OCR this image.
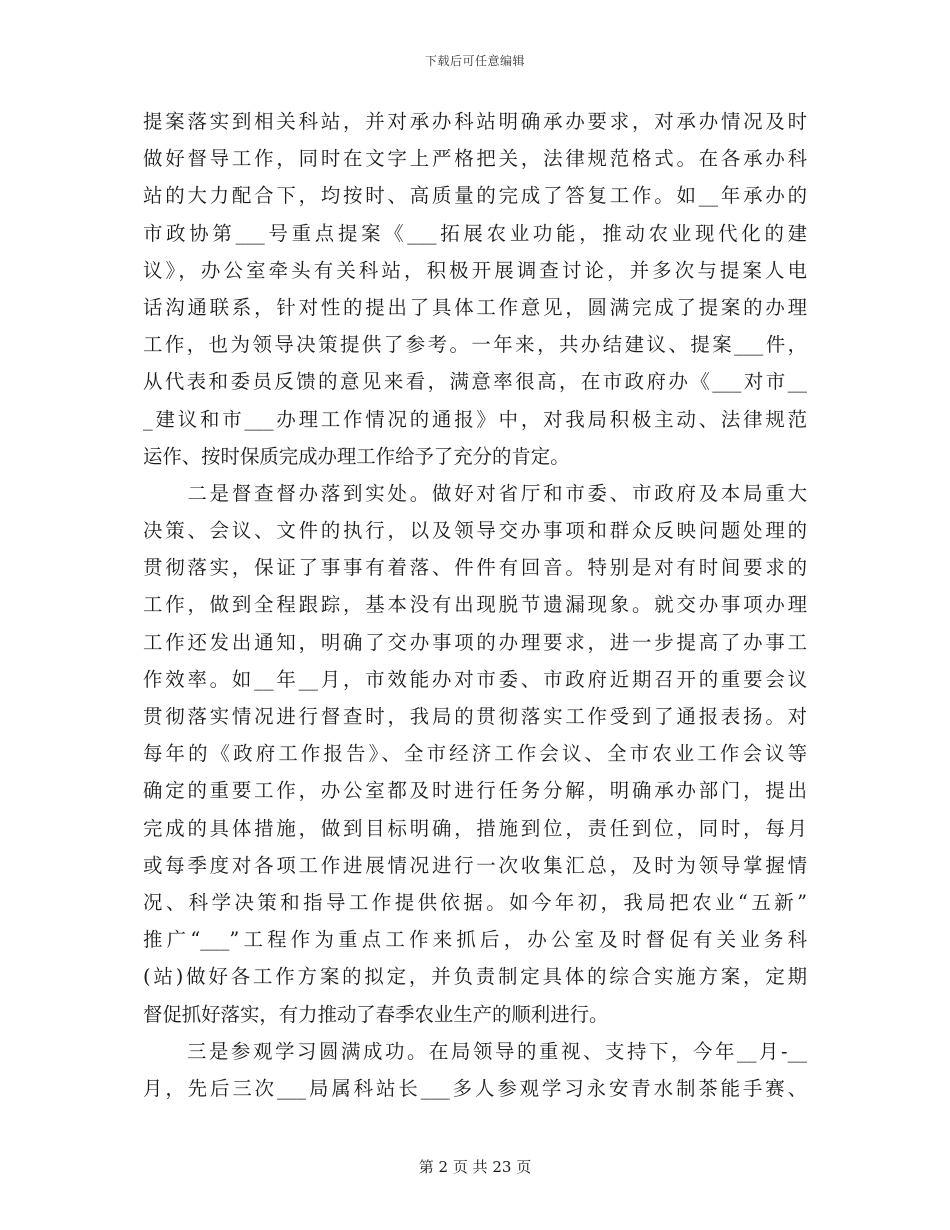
下载后可任意编辑
提案落实到相关科站，并对承办科站明确承办要求，对承办情况及时
做好督导工作，同时在文字上严格把关，法律规范格式。在各承办科
站的大力配合下，均按时、高质量的完成了答复工作。如__年承办的
市政协第___号重点提案《___拓展农业功能，推动农业现代化的建
议》，办公室牵头有关科站，积极开展调查讨论，并多次与提案人电
话沟通联系，针对性的提出了具体工作意见，圆满完成了提案的办理
工作，也为领导决策提供了参考。一年来，共办结建议、提案___件，
从代表和委员反馈的意见来看，满意率很高，在市政府办《___对市__
_建议和市___办理工作情况的通报》中，对我局积极主动、法律规范
运作、按时保质完成办理工作给予了充分的肯定。
　　二是督查督办落到实处。做好对省厅和市委、市政府及本局重大
决策、会议、文件的执行，以及领导交办事项和群众反映问题处理的
贯彻落实，保证了事事有着落、件件有回音。特别是对有时间要求的
工作，做到全程跟踪，基本没有出现脱节遗漏现象。就交办事项办理
工作还发出通知，明确了交办事项的办理要求，进一步提高了办事工
作效率。如__年__月，市效能办对市委、市政府近期召开的重要会议
贯彻落实情况进行督查时，我局的贯彻落实工作受到了通报表扬。对
每年的《政府工作报告》、全市经济工作会议、全市农业工作会议等
确定的重要工作，办公室都及时进行任务分解，明确承办部门，提出
完成的具体措施，做到目标明确，措施到位，责任到位，同时，每月
或每季度对各项工作进展情况进行一次收集汇总，及时为领导掌握情
况、科学决策和指导工作提供依据。如今年初，我局把农业“五新”
推广“___”工程作为重点工作来抓后，办公室及时督促有关业务科
(站)做好各工作方案的拟定，并负责制定具体的综合实施方案，定期
督促抓好落实，有力推动了春季农业生产的顺利进行。
　　三是参观学习圆满成功。在局领导的重视、支持下，今年__月-__
月，先后三次___局属科站长___多人参观学习永安青水制茶能手赛、
第 2 页 共 23 页
